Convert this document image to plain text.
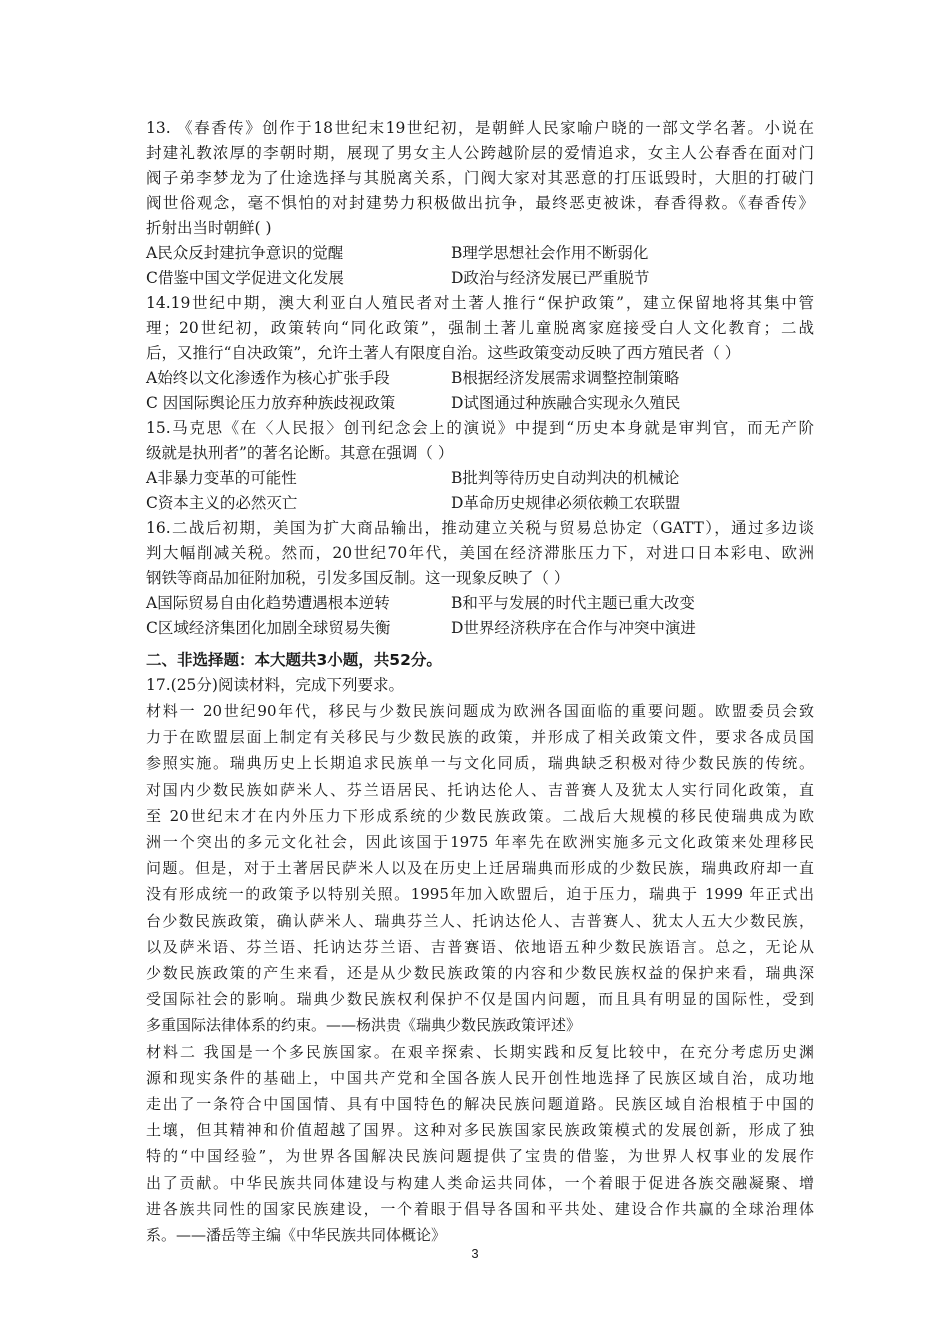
13. 《春香传》创作于18世纪末19世纪初，是朝鲜人民家喻户晓的一部文学名著。小说在
封建礼教浓厚的李朝时期，展现了男女主人公跨越阶层的爱情追求，女主人公春香在面对门
阀子弟李梦龙为了仕途选择与其脱离关系，门阀大家对其恶意的打压诋毁时，大胆的打破门
阀世俗观念，毫不惧怕的对封建势力积极做出抗争，最终恶吏被诛，春香得救。《春香传》
折射出当时朝鲜( )
A民众反封建抗争意识的觉醒	B理学思想社会作用不断弱化
C借鉴中国文学促进文化发展	D政治与经济发展已严重脱节
14.19世纪中期，澳大利亚白人殖民者对土著人推行“保护政策”，建立保留地将其集中管
理；20世纪初，政策转向“同化政策”，强制土著儿童脱离家庭接受白人文化教育；二战
后，又推行“自决政策”，允许土著人有限度自治。这些政策变动反映了西方殖民者（ ）
A始终以文化渗透作为核心扩张手段	B根据经济发展需求调整控制策略
C 因国际舆论压力放弃种族歧视政策	D试图通过种族融合实现永久殖民
15.马克思《在〈人民报〉创刊纪念会上的演说》中提到“历史本身就是审判官，而无产阶
级就是执刑者”的著名论断。其意在强调（ ）
A非暴力变革的可能性	B批判等待历史自动判决的机械论
C资本主义的必然灭亡	D革命历史规律必须依赖工农联盟
16.二战后初期，美国为扩大商品输出，推动建立关税与贸易总协定（GATT），通过多边谈
判大幅削减关税。然而，20世纪70年代，美国在经济滞胀压力下，对进口日本彩电、欧洲
钢铁等商品加征附加税，引发多国反制。这一现象反映了（ ）
A国际贸易自由化趋势遭遇根本逆转	B和平与发展的时代主题已重大改变
C区域经济集团化加剧全球贸易失衡	D世界经济秩序在合作与冲突中演进
二、非选择题：本大题共3小题，共52分。
17.(25分)阅读材料，完成下列要求。
材料一 20世纪90年代，移民与少数民族问题成为欧洲各国面临的重要问题。欧盟委员会致
力于在欧盟层面上制定有关移民与少数民族的政策，并形成了相关政策文件，要求各成员国
参照实施。瑞典历史上长期追求民族单一与文化同质，瑞典缺乏积极对待少数民族的传统。
对国内少数民族如萨米人、芬兰语居民、托讷达伦人、吉普赛人及犹太人实行同化政策，直
至 20世纪末才在内外压力下形成系统的少数民族政策。二战后大规模的移民使瑞典成为欧
洲一个突出的多元文化社会，因此该国于1975 年率先在欧洲实施多元文化政策来处理移民
问题。但是，对于土著居民萨米人以及在历史上迁居瑞典而形成的少数民族，瑞典政府却一直
没有形成统一的政策予以特别关照。1995年加入欧盟后，迫于压力，瑞典于 1999 年正式出
台少数民族政策，确认萨米人、瑞典芬兰人、托讷达伦人、吉普赛人、犹太人五大少数民族，
以及萨米语、芬兰语、托讷达芬兰语、吉普赛语、依地语五种少数民族语言。总之，无论从
少数民族政策的产生来看，还是从少数民族政策的内容和少数民族权益的保护来看，瑞典深
受国际社会的影响。瑞典少数民族权利保护不仅是国内问题，而且具有明显的国际性，受到
多重国际法律体系的约束。——杨洪贵《瑞典少数民族政策评述》
材料二 我国是一个多民族国家。在艰辛探索、长期实践和反复比较中，在充分考虑历史渊
源和现实条件的基础上，中国共产党和全国各族人民开创性地选择了民族区域自治，成功地
走出了一条符合中国国情、具有中国特色的解决民族问题道路。民族区域自治根植于中国的
土壤，但其精神和价值超越了国界。这种对多民族国家民族政策模式的发展创新，形成了独
特的“中国经验”，为世界各国解决民族问题提供了宝贵的借鉴，为世界人权事业的发展作
出了贡献。中华民族共同体建设与构建人类命运共同体，一个着眼于促进各族交融凝聚、增
进各族共同性的国家民族建设，一个着眼于倡导各国和平共处、建设合作共赢的全球治理体
系。——潘岳等主编《中华民族共同体概论》
3
